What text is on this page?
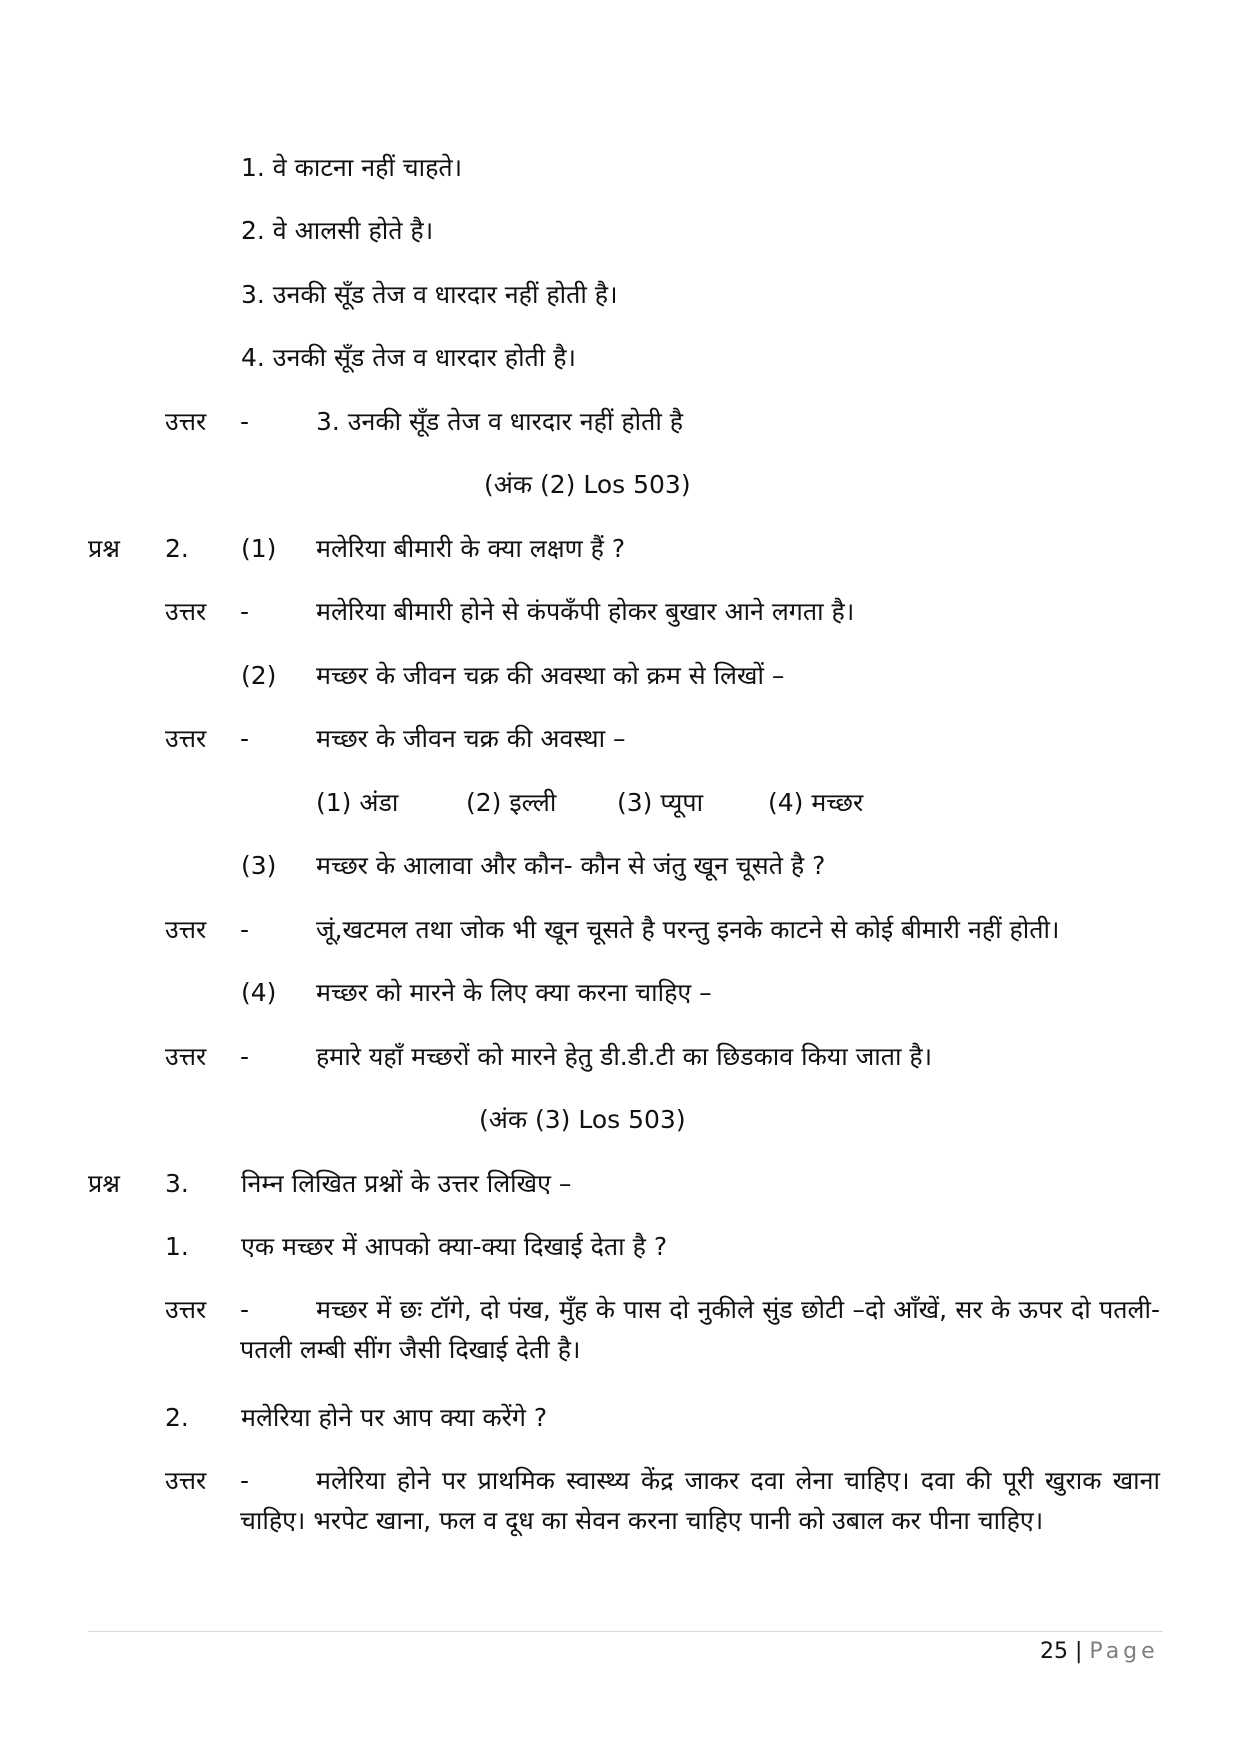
1. वे काटना नहीं चाहते।
2. वे आलसी होते है।
3. उनकी सूँड तेज व धारदार नहीं होती है।
4. उनकी सूँड तेज व धारदार होती है।
उत्तर -	3. उनकी सूँड तेज व धारदार नहीं होती है
(अंक (2) Los 503)
प्रश्न 2. (1) मलेरिया बीमारी के क्या लक्षण हैं ?
उत्तर -	मलेरिया बीमारी होने से कंपकँपी होकर बुखार आने लगता है।
(2) मच्छर के जीवन चक्र की अवस्था को क्रम से लिखों –
उत्तर -	मच्छर के जीवन चक्र की अवस्था –
(1) अंडा	(2) इल्ली (3) प्यूपा	(4) मच्छर
(3) मच्छर के आलावा और कौन- कौन से जंतु खून चूसते है ?
उत्तर -	जूं,खटमल तथा जोक भी खून चूसते है परन्तु इनके काटने से कोई बीमारी नहीं होती।
(4) मच्छर को मारने के लिए क्या करना चाहिए –
उत्तर -	हमारे यहाँ मच्छरों को मारने हेतु डी.डी.टी का छिडकाव किया जाता है।
(अंक (3) Los 503)
प्रश्न 3. निम्न लिखित प्रश्नों के उत्तर लिखिए –
1. एक मच्छर में आपको क्या-क्या दिखाई देता है ?
उत्तर -	मच्छर में छः टॉगे, दो पंख, मुँह के पास दो नुकीले सुंड छोटी –दो आँखें, सर के ऊपर दो पतली-पतली लम्बी सींग जैसी दिखाई देती है।
2. मलेरिया होने पर आप क्या करेंगे ?
उत्तर -	मलेरिया होने पर प्राथमिक स्वास्थ्य केंद्र जाकर दवा लेना चाहिए। दवा की पूरी खुराक खाना चाहिए। भरपेट खाना, फल व दूध का सेवन करना चाहिए पानी को उबाल कर पीना चाहिए।
25 | Page
